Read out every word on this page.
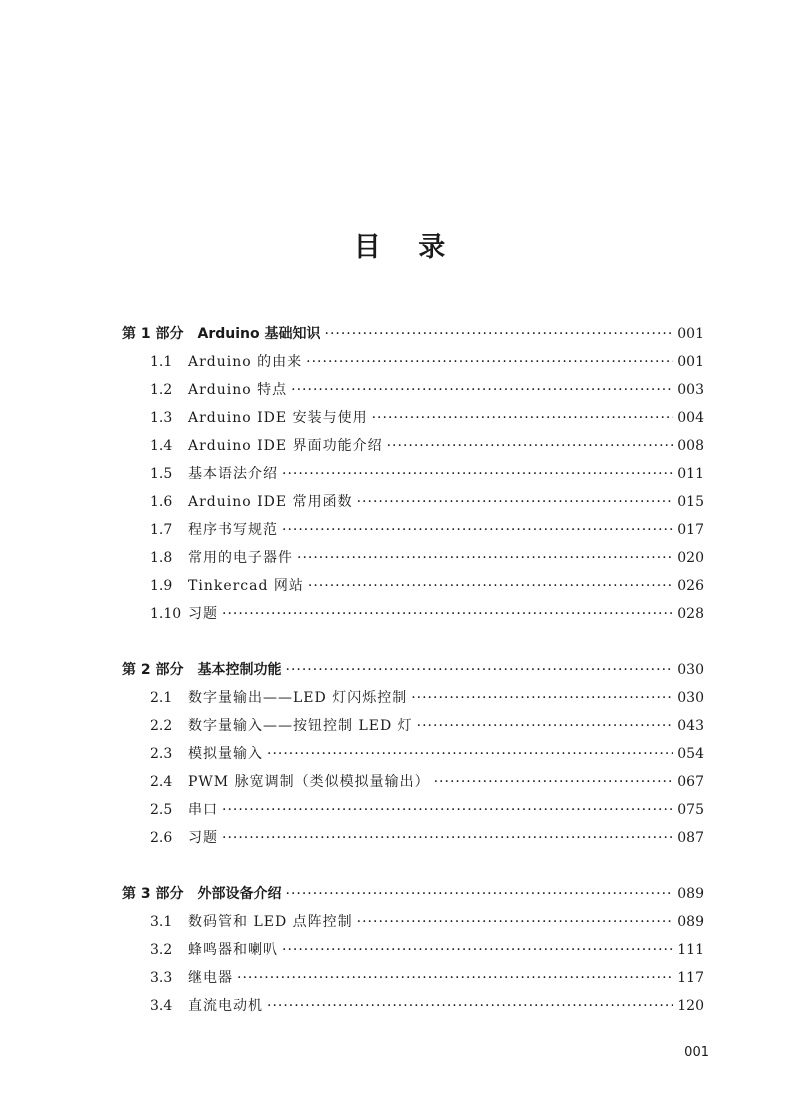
目 录
第 1 部分 Arduino 基础知识 ·····	001
1.1	Arduino 的由来 ·····	001
1.2	Arduino 特点 ·····	003
1.3	Arduino IDE 安装与使用 ·····	004
1.4	Arduino IDE 界面功能介绍 ·····	008
1.5	基本语法介绍 ·····	011
1.6	Arduino IDE 常用函数 ·····	015
1.7	程序书写规范 ·····	017
1.8	常用的电子器件 ·····	020
1.9	Tinkercad 网站 ·····	026
1.10 习题 ·····	028
第 2 部分 基本控制功能 ·····	030
2.1	数字量输出——LED 灯闪烁控制 ·····	030
2.2	数字量输入——按钮控制 LED 灯 ·····	043
2.3	模拟量输入 ·····	054
2.4	PWM 脉宽调制（类似模拟量输出） ·····	067
2.5	串口 ·····	075
2.6	习题 ·····	087
第 3 部分 外部设备介绍 ·····	089
3.1	数码管和 LED 点阵控制 ·····	089
3.2	蜂鸣器和喇叭 ·····	111
3.3	继电器 ·····	117
3.4	直流电动机 ·····	120
001
